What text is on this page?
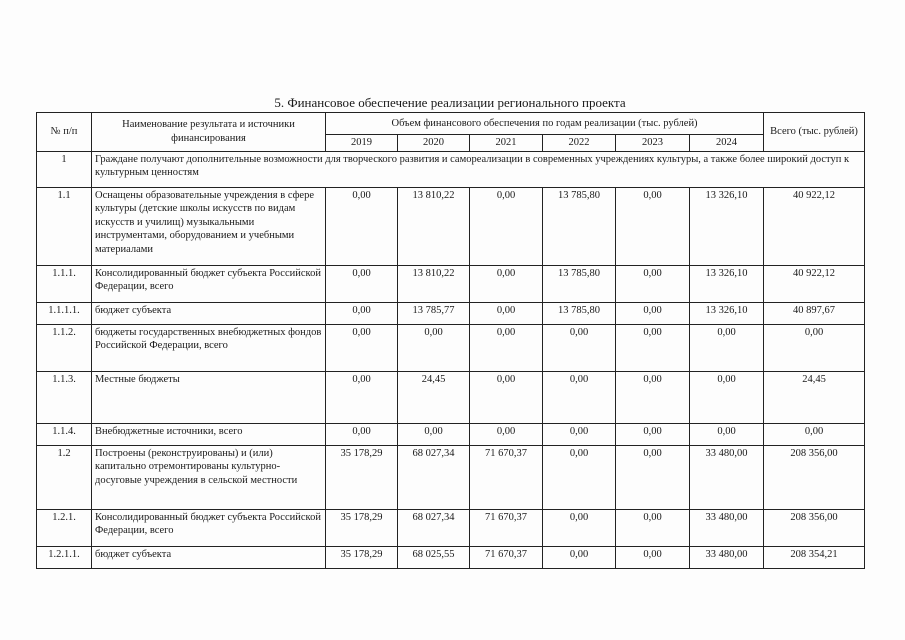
5. Финансовое обеспечение реализации регионального проекта
№ п/п	Наименование результата и источники финансирования	Объем финансового обеспечения по годам реализации (тыс. рублей)						Всего (тыс. рублей)
		2019	2020	2021	2022	2023	2024	
1	Граждане получают дополнительные возможности для творческого развития и самореализации в современных учреждениях культуры, а также более широкий доступ к культурным ценностям							
1.1	Оснащены образовательные учреждения в сфере культуры (детские школы искусств по видам искусств и училищ) музыкальными инструментами, оборудованием и учебными материалами	0,00	13 810,22	0,00	13 785,80	0,00	13 326,10	40 922,12
1.1.1.	Консолидированный бюджет субъекта Российской Федерации, всего	0,00	13 810,22	0,00	13 785,80	0,00	13 326,10	40 922,12
1.1.1.1.	бюджет субъекта	0,00	13 785,77	0,00	13 785,80	0,00	13 326,10	40 897,67
1.1.2.	бюджеты государственных внебюджетных фондов Российской Федерации, всего	0,00	0,00	0,00	0,00	0,00	0,00	0,00
1.1.3.	Местные бюджеты	0,00	24,45	0,00	0,00	0,00	0,00	24,45
1.1.4.	Внебюджетные источники, всего	0,00	0,00	0,00	0,00	0,00	0,00	0,00
1.2	Построены (реконструированы) и (или) капитально отремонтированы культурно-досуговые учреждения в сельской местности	35 178,29	68 027,34	71 670,37	0,00	0,00	33 480,00	208 356,00
1.2.1.	Консолидированный бюджет субъекта Российской Федерации, всего	35 178,29	68 027,34	71 670,37	0,00	0,00	33 480,00	208 356,00
1.2.1.1.	бюджет субъекта	35 178,29	68 025,55	71 670,37	0,00	0,00	33 480,00	208 354,21
